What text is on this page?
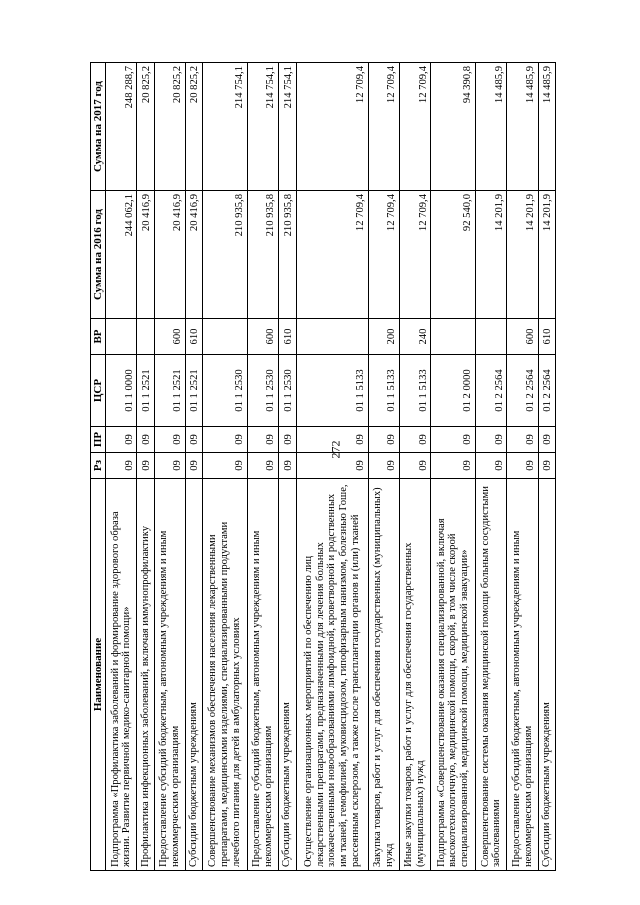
272
Наименование	Рз	ПР	ЦСР	ВР	Сумма на 2016 год	Сумма на 2017 год
Подпрограмма «Профилактика заболеваний и формирование здорового образа жизни. Развитие первичной медико-санитарной помощи»	09	09	01 1 0000		244 062,1	248 288,7
Профилактика инфекционных заболеваний, включая иммунопрофилактику	09	09	01 1 2521		20 416,9	20 825,2
Предоставление субсидий бюджетным, автономным учреждениям и иным некоммерческим организациям	09	09	01 1 2521	600	20 416,9	20 825,2
Субсидии бюджетным учреждениям	09	09	01 1 2521	610	20 416,9	20 825,2
Совершенствование механизмов обеспечения населения лекарственными препаратами, медицинскими изделиями, специализированными продуктами лечебного питания для детей в амбулаторных условиях	09	09	01 1 2530		210 935,8	214 754,1
Предоставление субсидий бюджетным, автономным учреждениям и иным некоммерческим организациям	09	09	01 1 2530	600	210 935,8	214 754,1
Субсидии бюджетным учреждениям	09	09	01 1 2530	610	210 935,8	214 754,1
Осуществление организационных мероприятий по обеспечению лиц лекарственными препаратами, предназначенными для лечения больных злокачественными новообразованиями лимфоидной, кроветворной и родственных им тканей, гемофилией, муковисцидозом, гипофизарным нанизмом, болезнью Гоше, рассеянным склерозом, а также после трансплантации органов и (или) тканей	09	09	01 1 5133		12 709,4	12 709,4
Закупка товаров, работ и услуг для обеспечения государственных (муниципальных) нужд	09	09	01 1 5133	200	12 709,4	12 709,4
Иные закупки товаров, работ и услуг для обеспечения государственных (муниципальных) нужд	09	09	01 1 5133	240	12 709,4	12 709,4
Подпрограмма «Совершенствование оказания специализированной, включая высокотехнологичную, медицинской помощи, скорой, в том числе скорой специализированной, медицинской помощи, медицинской эвакуации»	09	09	01 2 0000		92 540,0	94 390,8
Совершенствование системы оказания медицинской помощи больным сосудистыми заболеваниями	09	09	01 2 2564		14 201,9	14 485,9
Предоставление субсидий бюджетным, автономным учреждениям и иным некоммерческим организациям	09	09	01 2 2564	600	14 201,9	14 485,9
Субсидии бюджетным учреждениям	09	09	01 2 2564	610	14 201,9	14 485,9
